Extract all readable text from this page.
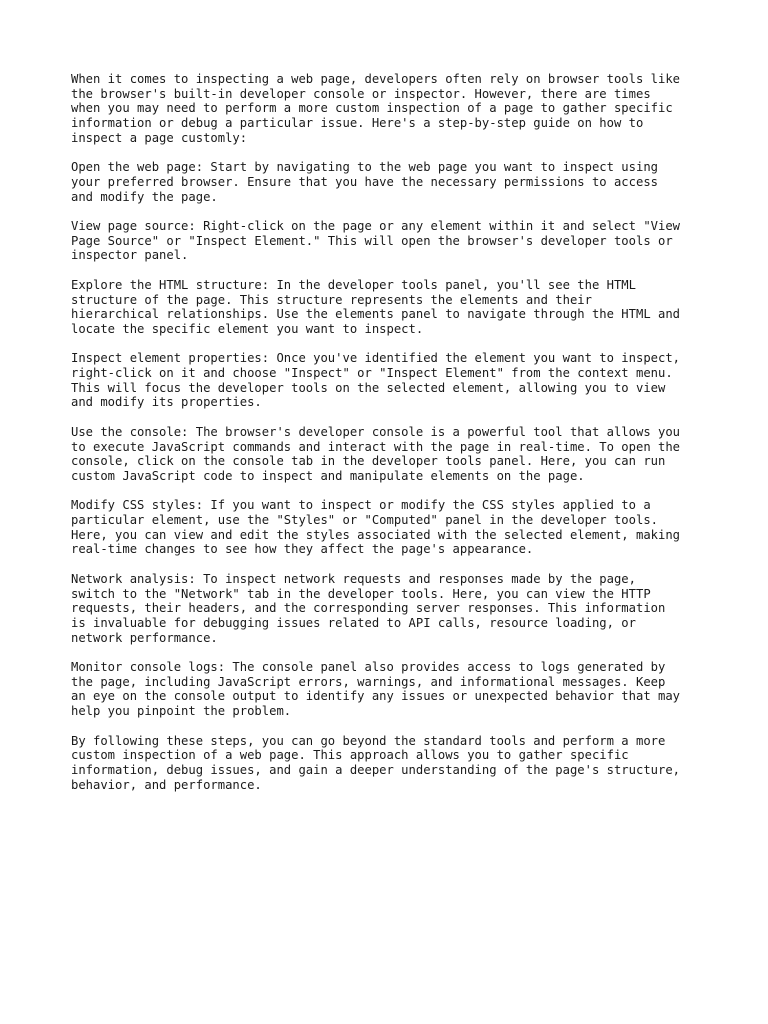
When it comes to inspecting a web page, developers often rely on browser tools like
the browser's built-in developer console or inspector. However, there are times
when you may need to perform a more custom inspection of a page to gather specific
information or debug a particular issue. Here's a step-by-step guide on how to
inspect a page customly:

Open the web page: Start by navigating to the web page you want to inspect using
your preferred browser. Ensure that you have the necessary permissions to access
and modify the page.

View page source: Right-click on the page or any element within it and select "View
Page Source" or "Inspect Element." This will open the browser's developer tools or
inspector panel.

Explore the HTML structure: In the developer tools panel, you'll see the HTML
structure of the page. This structure represents the elements and their
hierarchical relationships. Use the elements panel to navigate through the HTML and
locate the specific element you want to inspect.

Inspect element properties: Once you've identified the element you want to inspect,
right-click on it and choose "Inspect" or "Inspect Element" from the context menu.
This will focus the developer tools on the selected element, allowing you to view
and modify its properties.

Use the console: The browser's developer console is a powerful tool that allows you
to execute JavaScript commands and interact with the page in real-time. To open the
console, click on the console tab in the developer tools panel. Here, you can run
custom JavaScript code to inspect and manipulate elements on the page.

Modify CSS styles: If you want to inspect or modify the CSS styles applied to a
particular element, use the "Styles" or "Computed" panel in the developer tools.
Here, you can view and edit the styles associated with the selected element, making
real-time changes to see how they affect the page's appearance.

Network analysis: To inspect network requests and responses made by the page,
switch to the "Network" tab in the developer tools. Here, you can view the HTTP
requests, their headers, and the corresponding server responses. This information
is invaluable for debugging issues related to API calls, resource loading, or
network performance.

Monitor console logs: The console panel also provides access to logs generated by
the page, including JavaScript errors, warnings, and informational messages. Keep
an eye on the console output to identify any issues or unexpected behavior that may
help you pinpoint the problem.

By following these steps, you can go beyond the standard tools and perform a more
custom inspection of a web page. This approach allows you to gather specific
information, debug issues, and gain a deeper understanding of the page's structure,
behavior, and performance.
